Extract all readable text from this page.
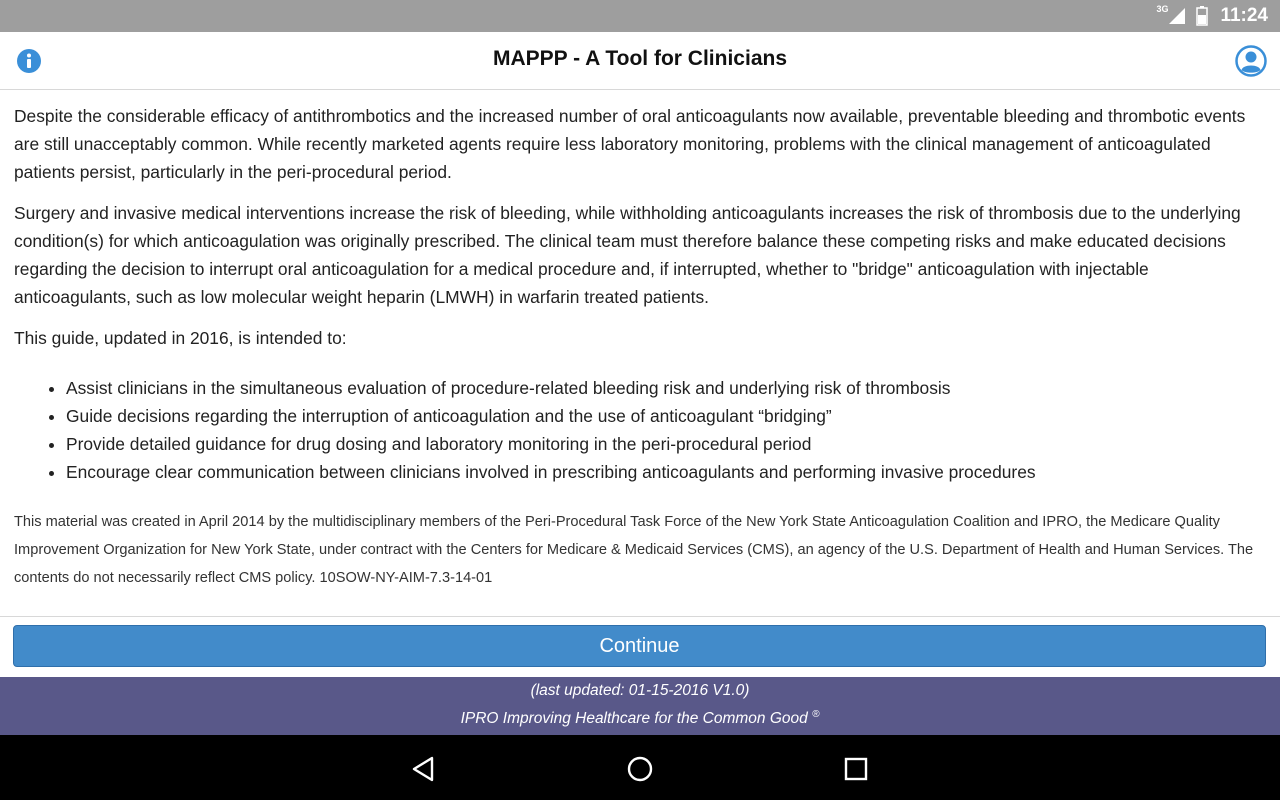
3G	11:24
MAPPP - A Tool for Clinicians

Despite the considerable efficacy of antithrombotics and the increased number of oral anticoagulants now available, preventable bleeding and thrombotic events are still unacceptably common. While recently marketed agents require less laboratory monitoring, problems with the clinical management of anticoagulated patients persist, particularly in the peri-procedural period.

Surgery and invasive medical interventions increase the risk of bleeding, while withholding anticoagulants increases the risk of thrombosis due to the underlying condition(s) for which anticoagulation was originally prescribed. The clinical team must therefore balance these competing risks and make educated decisions regarding the decision to interrupt oral anticoagulation for a medical procedure and, if interrupted, whether to "bridge" anticoagulation with injectable anticoagulants, such as low molecular weight heparin (LMWH) in warfarin treated patients.

This guide, updated in 2016, is intended to:

• Assist clinicians in the simultaneous evaluation of procedure-related bleeding risk and underlying risk of thrombosis
• Guide decisions regarding the interruption of anticoagulation and the use of anticoagulant “bridging”
• Provide detailed guidance for drug dosing and laboratory monitoring in the peri-procedural period
• Encourage clear communication between clinicians involved in prescribing anticoagulants and performing invasive procedures

This material was created in April 2014 by the multidisciplinary members of the Peri-Procedural Task Force of the New York State Anticoagulation Coalition and IPRO, the Medicare Quality Improvement Organization for New York State, under contract with the Centers for Medicare & Medicaid Services (CMS), an agency of the U.S. Department of Health and Human Services. The contents do not necessarily reflect CMS policy. 10SOW-NY-AIM-7.3-14-01

Continue
(last updated: 01-15-2016 V1.0)
IPRO Improving Healthcare for the Common Good ®
